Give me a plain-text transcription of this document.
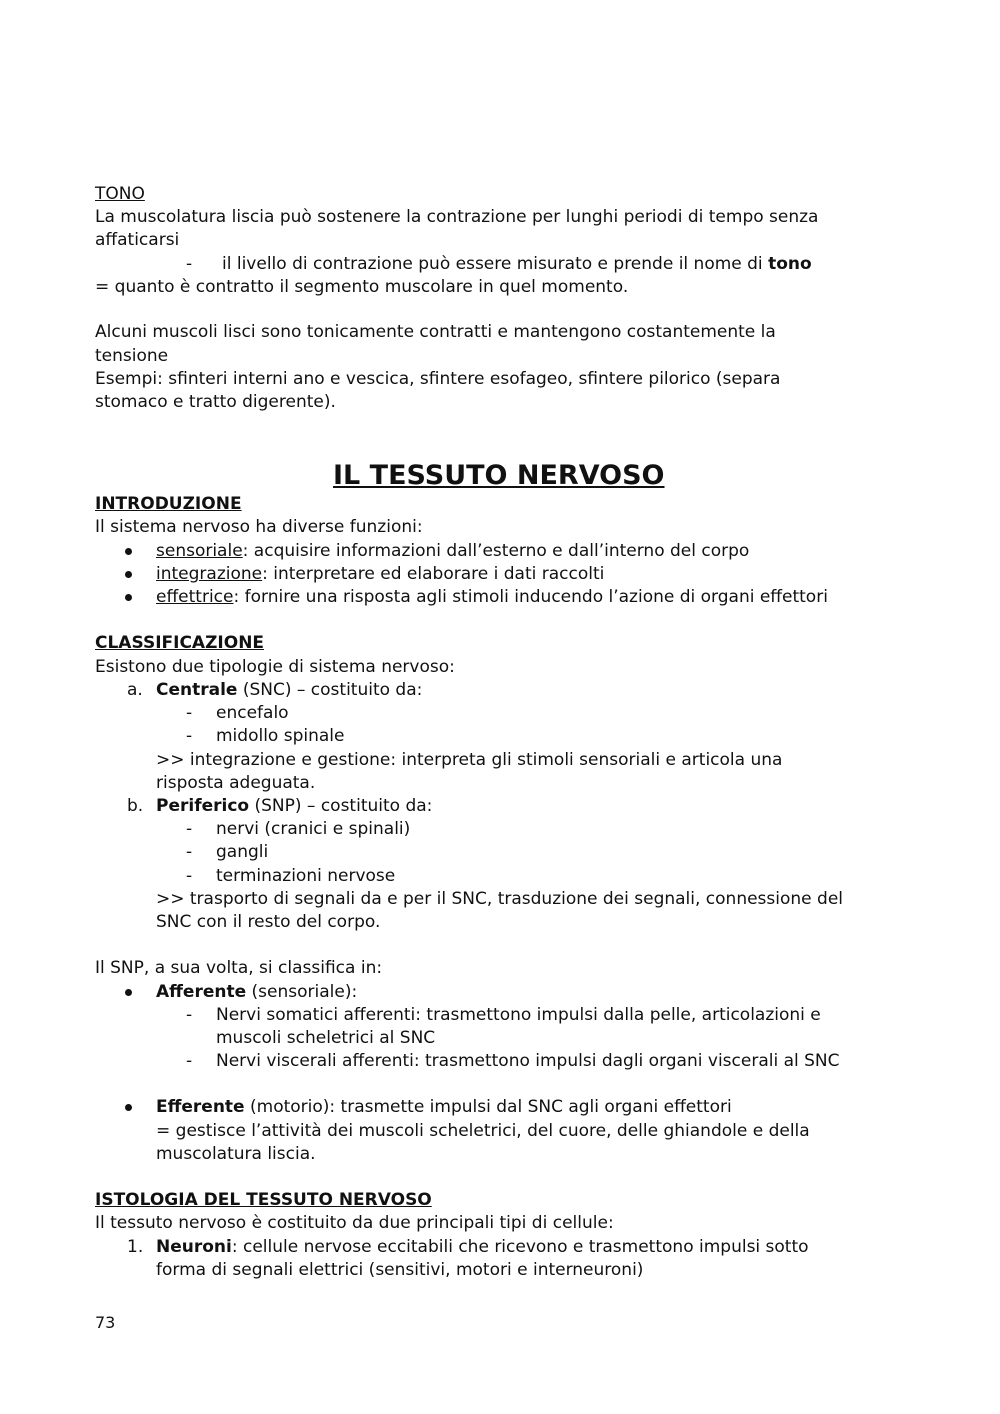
TONO
La muscolatura liscia può sostenere la contrazione per lunghi periodi di tempo senza
affaticarsi
- il livello di contrazione può essere misurato e prende il nome di tono
= quanto è contratto il segmento muscolare in quel momento.
Alcuni muscoli lisci sono tonicamente contratti e mantengono costantemente la
tensione
Esempi: sfinteri interni ano e vescica, sfintere esofageo, sfintere pilorico (separa
stomaco e tratto digerente).
IL TESSUTO NERVOSO
INTRODUZIONE
Il sistema nervoso ha diverse funzioni:
sensoriale: acquisire informazioni dall’esterno e dall’interno del corpo
integrazione: interpretare ed elaborare i dati raccolti
effettrice: fornire una risposta agli stimoli inducendo l’azione di organi effettori
CLASSIFICAZIONE
Esistono due tipologie di sistema nervoso:
a. Centrale (SNC) – costituito da:
- encefalo
- midollo spinale
>> integrazione e gestione: interpreta gli stimoli sensoriali e articola una
risposta adeguata.
b. Periferico (SNP) – costituito da:
- nervi (cranici e spinali)
- gangli
- terminazioni nervose
>> trasporto di segnali da e per il SNC, trasduzione dei segnali, connessione del
SNC con il resto del corpo.
Il SNP, a sua volta, si classifica in:
Afferente (sensoriale):
- Nervi somatici afferenti: trasmettono impulsi dalla pelle, articolazioni e
muscoli scheletrici al SNC
- Nervi viscerali afferenti: trasmettono impulsi dagli organi viscerali al SNC
Efferente (motorio): trasmette impulsi dal SNC agli organi effettori
= gestisce l’attività dei muscoli scheletrici, del cuore, delle ghiandole e della
muscolatura liscia.
ISTOLOGIA DEL TESSUTO NERVOSO
Il tessuto nervoso è costituito da due principali tipi di cellule:
1. Neuroni: cellule nervose eccitabili che ricevono e trasmettono impulsi sotto
forma di segnali elettrici (sensitivi, motori e interneuroni)
73
